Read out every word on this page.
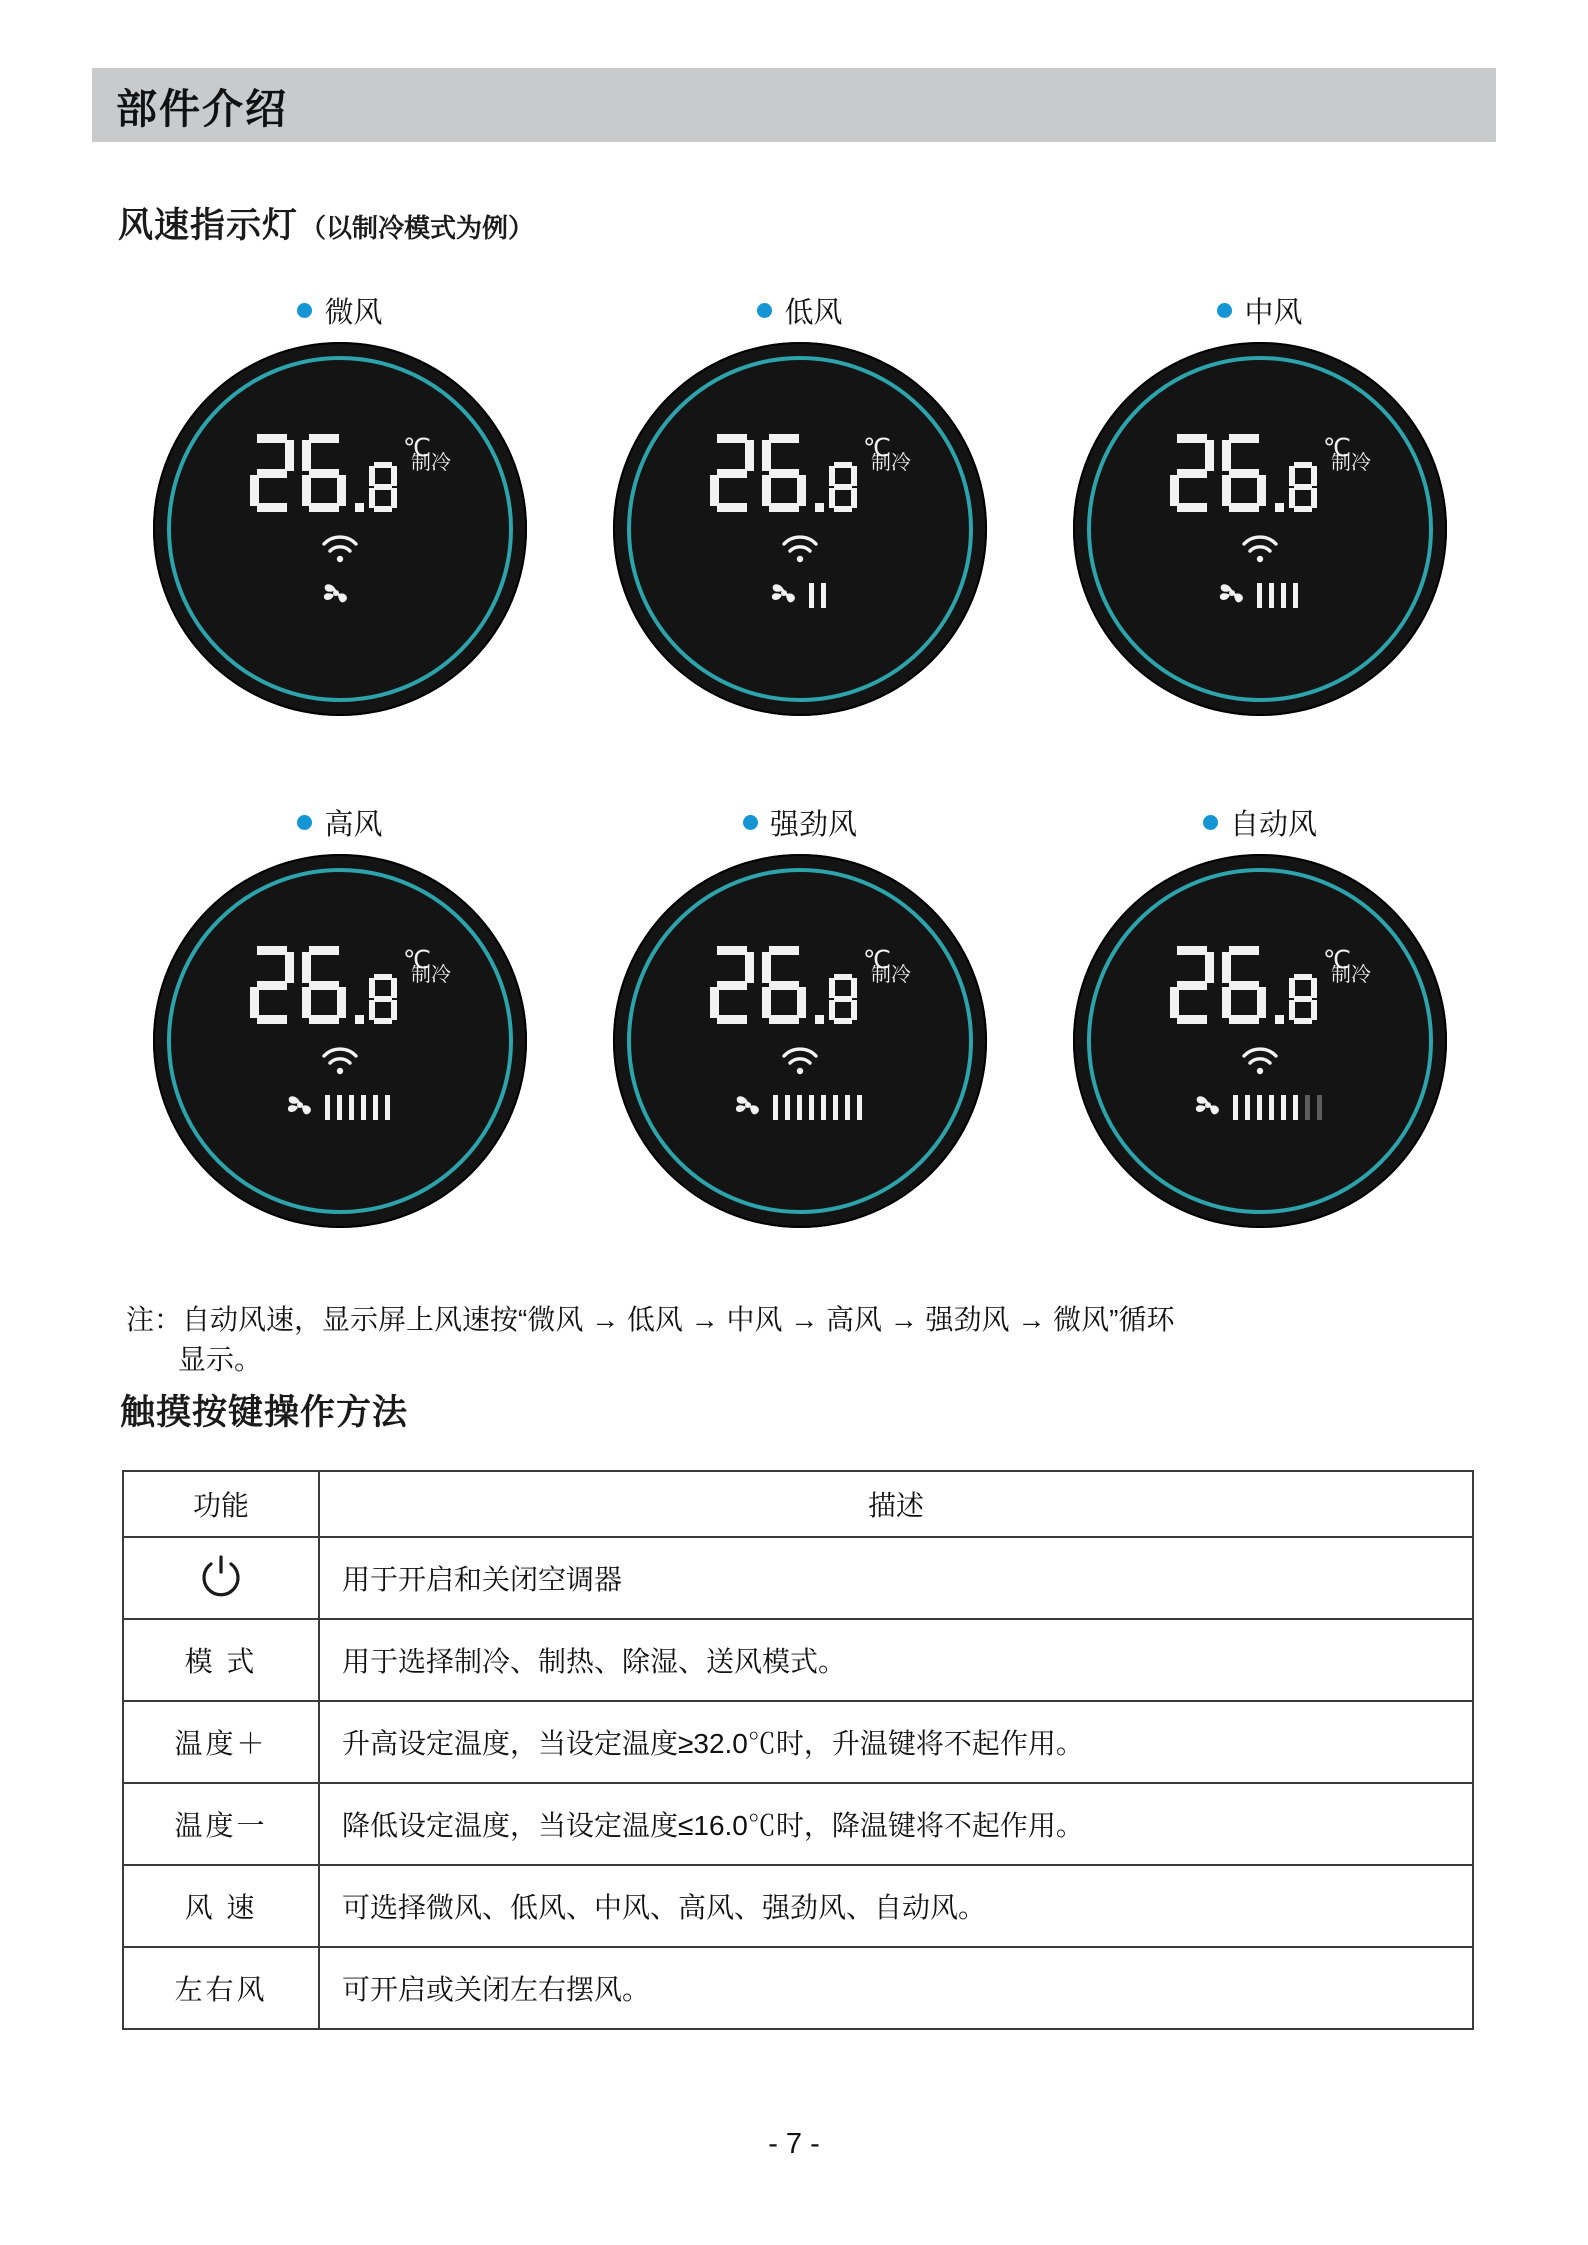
部件介绍
风速指示灯 （以制冷模式为例）
微风
℃
制冷
低风
℃
制冷
中风
℃
制冷
高风
℃
制冷
强劲风
℃
制冷
自动风
℃
制冷
注：自动风速，显示屏上风速按“微风 → 低风 → 中风 → 高风 → 强劲风 → 微风”循环
显示。
触摸按键操作方法
功能	描述

	用于开启和关闭空调器
模 式	用于选择制冷、制热、除湿、送风模式。
温度＋	升高设定温度，当设定温度≥32.0℃时，升温键将不起作用。
温度一	降低设定温度，当设定温度≤16.0℃时，降温键将不起作用。
风 速	可选择微风、低风、中风、高风、强劲风、自动风。
左右风	可开启或关闭左右摆风。
- 7 -
